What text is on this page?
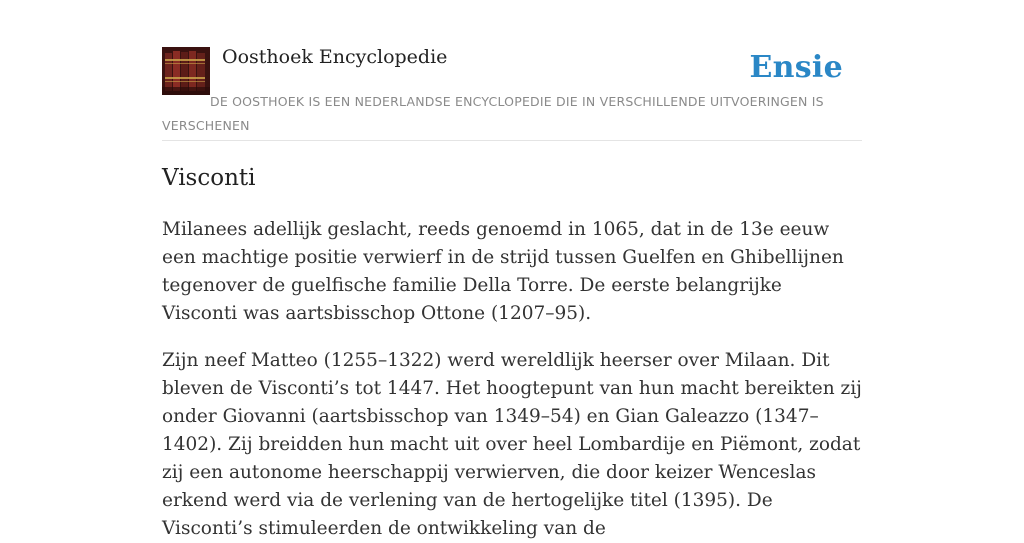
Oosthoek Encyclopedie	Ensie
DE OOSTHOEK IS EEN NEDERLANDSE ENCYCLOPEDIE DIE IN VERSCHILLENDE UITVOERINGEN IS VERSCHENEN
Visconti

Milanees adellijk geslacht, reeds genoemd in 1065, dat in de 13e eeuw een machtige positie verwierf in de strijd tussen Guelfen en Ghibellijnen tegenover de guelfische familie Della Torre. De eerste belangrijke Visconti was aartsbisschop Ottone (1207–95).

Zijn neef Matteo (1255–1322) werd wereldlijk heerser over Milaan. Dit bleven de Visconti’s tot 1447. Het hoogtepunt van hun macht bereikten zij onder Giovanni (aartsbisschop van 1349–54) en Gian Galeazzo (1347–1402). Zij breidden hun macht uit over heel Lombardije en Piëmont, zodat zij een autonome heerschappij verwierven, die door keizer Wenceslas erkend werd via de verlening van de hertogelijke titel (1395). De Visconti’s stimuleerden de ontwikkeling van de
